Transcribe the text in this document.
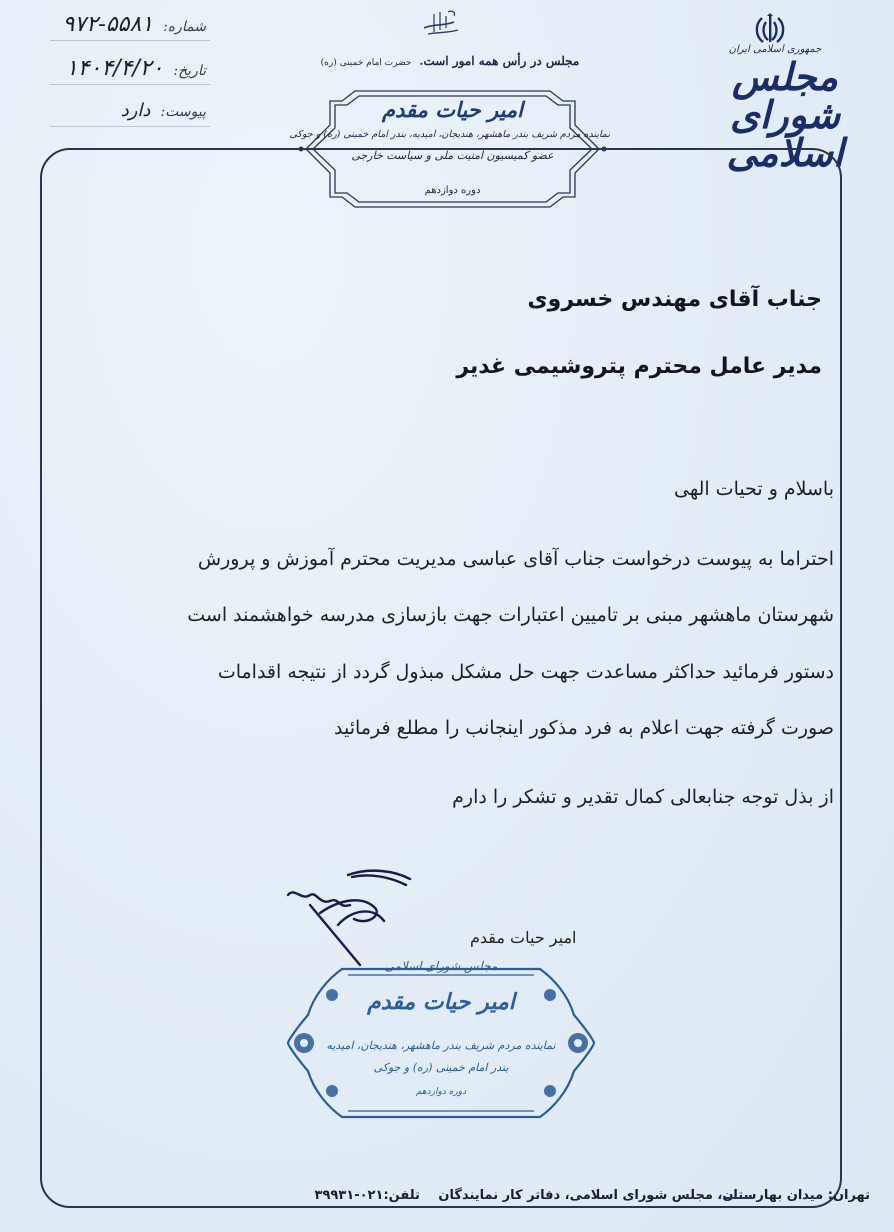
شماره:
۹۷۲-۵۵۸۱
تاریخ:
۱۴۰۴/۴/۲۰
پیوست:
دارد
مجلس در رأس همه امور است. حضرت امام خمینی (ره)
امیر حیات مقدم
نماینده مردم شریف بندر ماهشهر، هندیجان، امیدیه، بندر امام خمینی (ره) و جوکی
عضو کمیسیون امنیت ملی و سیاست خارجی
دوره دوازدهم
جمهوری اسلامی ایران
مجلس شورای اسلامی
جناب آقای مهندس خسروی
مدیر عامل محترم پتروشیمی غدیر
باسلام و تحیات الهی
احتراما به پیوست درخواست جناب آقای عباسی مدیریت محترم آموزش و پرورش
شهرستان ماهشهر مبنی بر تامیین اعتبارات جهت بازسازی مدرسه خواهشمند است
دستور فرمائید حداکثر مساعدت جهت حل مشکل مبذول گردد از نتیجه اقدامات
صورت گرفته جهت اعلام به فرد مذکور اینجانب را مطلع فرمائید
از بذل توجه جنابعالی کمال تقدیر و تشکر را دارم
امیر حیات مقدم
مجلس شورای اسلامی
امیر حیات مقدم
نماینده مردم شریف بندر ماهشهر، هندیجان، امیدیه
بندر امام خمینی (ره) و جوکی
دوره دوازدهم
تهران: میدان بهارستان، مجلس شورای اسلامی، دفاتر کار نمایندگان تلفن:۰۲۱-۳۹۹۳۱
